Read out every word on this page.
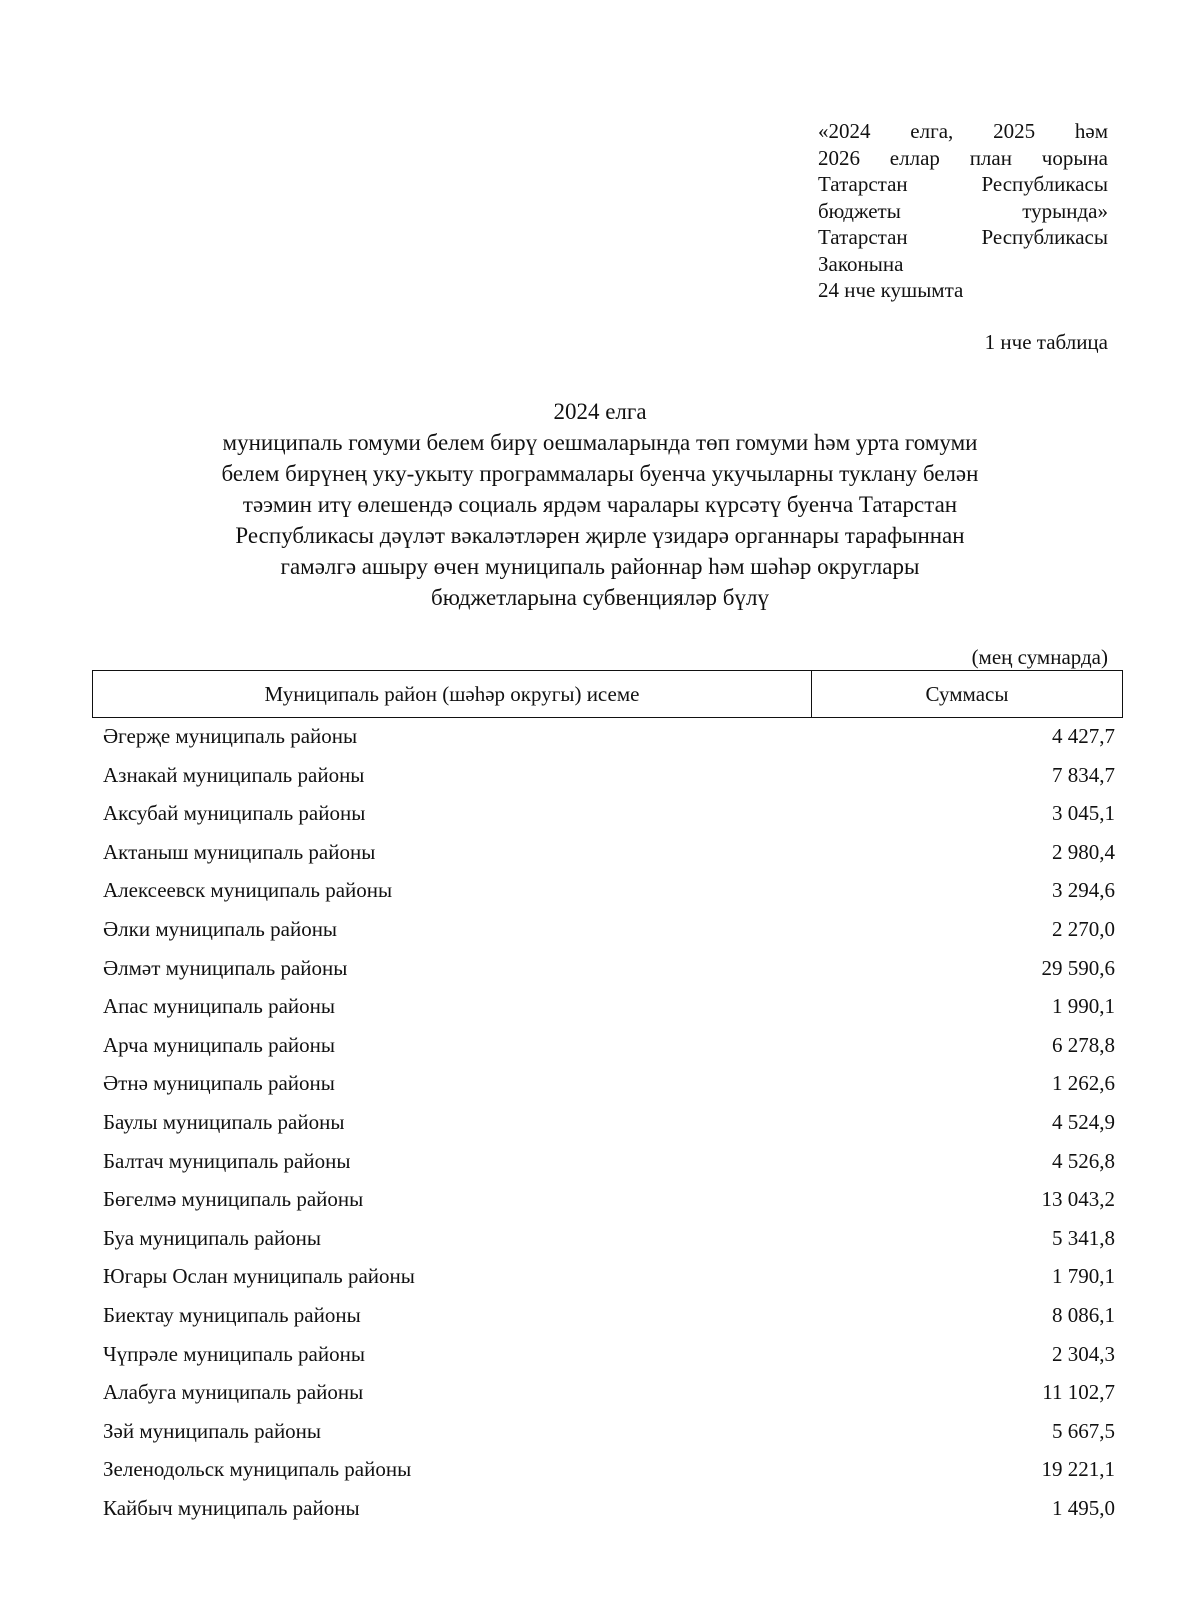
«2024 елга, 2025 һәм
2026 еллар план чорына
Татарстан Республикасы
бюджеты турында»
Татарстан Республикасы
Законына
24 нче кушымта
1 нче таблица
2024 елга
муниципаль гомуми белем бирү оешмаларында төп гомуми һәм урта гомуми
белем бирүнең уку-укыту программалары буенча укучыларны туклану белән
тәэмин итү өлешендә социаль ярдәм чаралары күрсәтү буенча Татарстан
Республикасы дәүләт вәкаләтләрен җирле үзидарә органнары тарафыннан
гамәлгә ашыру өчен муниципаль районнар һәм шәһәр округлары
бюджетларына субвенцияләр бүлү
(мең сумнарда)
Муниципаль район (шәһәр округы) исеме	Суммасы
Әгерҗе муниципаль районы	4 427,7
Азнакай муниципаль районы	7 834,7
Аксубай муниципаль районы	3 045,1
Актаныш муниципаль районы	2 980,4
Алексеевск муниципаль районы	3 294,6
Әлки муниципаль районы	2 270,0
Әлмәт муниципаль районы	29 590,6
Апас муниципаль районы	1 990,1
Арча муниципаль районы	6 278,8
Әтнә муниципаль районы	1 262,6
Баулы муниципаль районы	4 524,9
Балтач муниципаль районы	4 526,8
Бөгелмә муниципаль районы	13 043,2
Буа муниципаль районы	5 341,8
Югары Ослан муниципаль районы	1 790,1
Биектау муниципаль районы	8 086,1
Чүпрәле муниципаль районы	2 304,3
Алабуга муниципаль районы	11 102,7
Зәй муниципаль районы	5 667,5
Зеленодольск муниципаль районы	19 221,1
Кайбыч муниципаль районы	1 495,0
